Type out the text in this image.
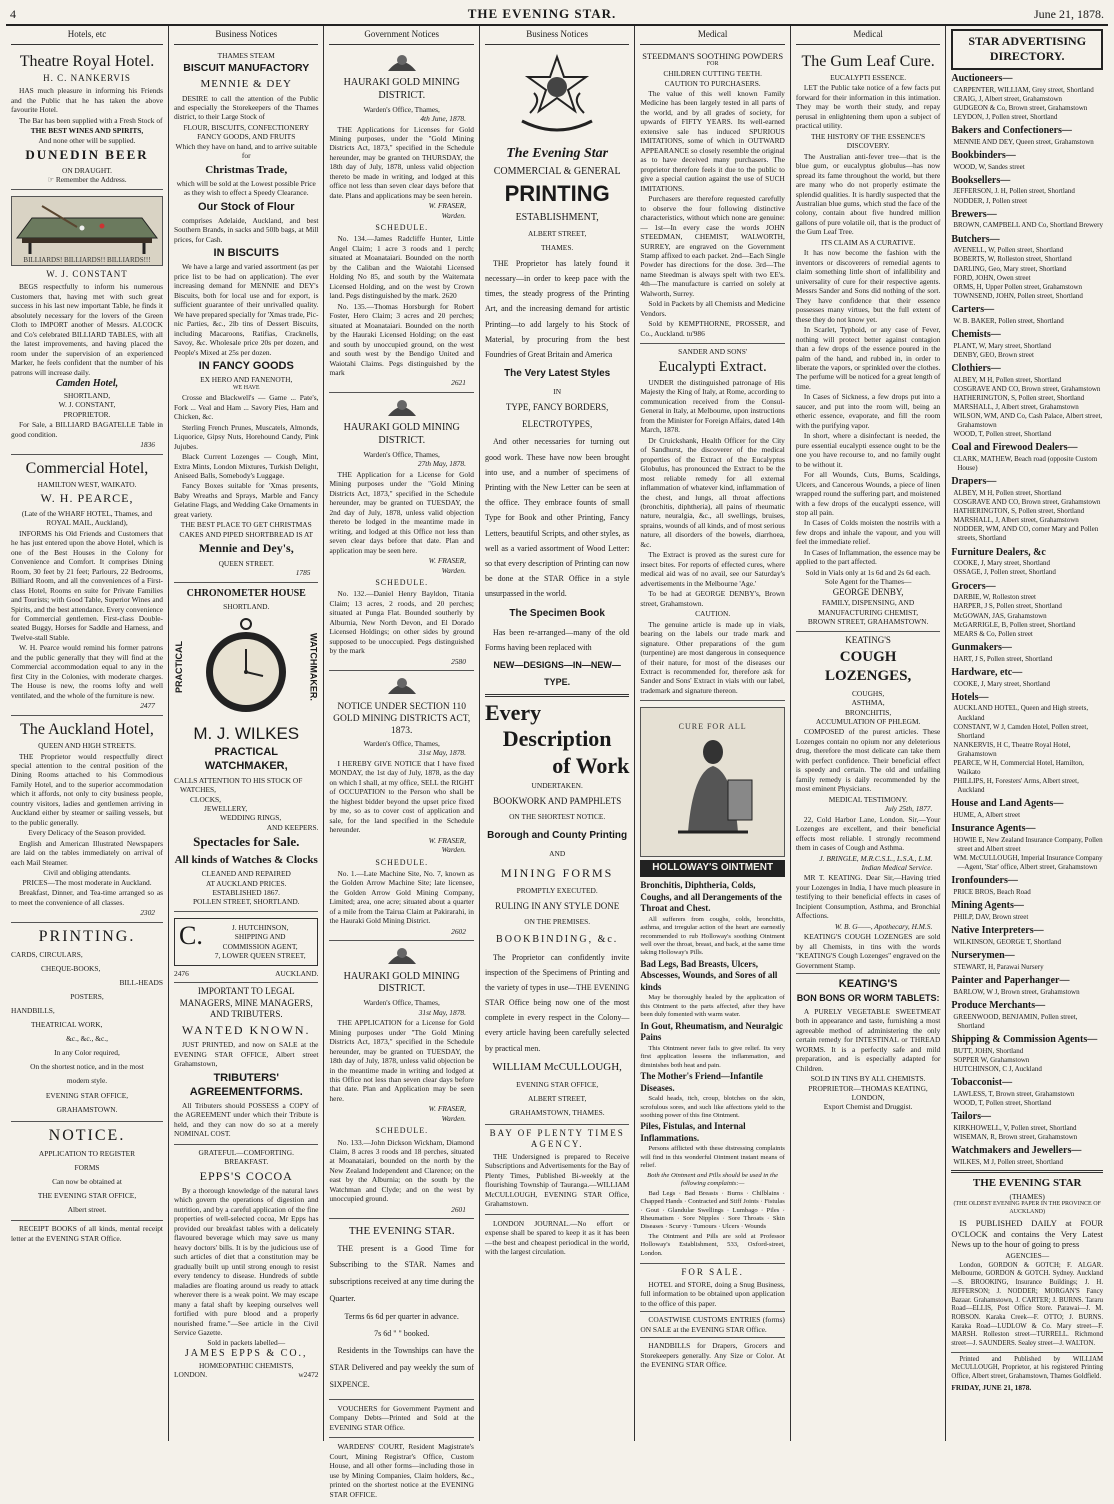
4	THE EVENING STAR.	June 21, 1878.
Hotels, etc
Theatre Royal Hotel.
H. C. NANKERVIS

HAS much pleasure in informing his Friends and the Public that he has taken the above favourite Hotel.

The Bar has been supplied with a Fresh Stock of

THE BEST WINES AND SPIRITS,
And none other will be supplied.
DUNEDIN BEER
ON DRAUGHT.
☞ Remember the Address.
BILLIARDS! BILLIARDS!! BILLIARDS!!!
W. J. CONSTANT

BEGS respectfully to inform his numerous Customers that, having met with such great success in his last new important Table, he finds it absolutely necessary for the lovers of the Green Cloth to IMPORT another of Messrs. ALCOCK and Co's celebrated BILLIARD TABLES, with all the latest improvements, and having placed the room under the supervision of an experienced Marker, he feels confident that the number of his patrons will increase daily.

Camden Hotel,
SHORTLAND,
W. J. CONSTANT,
PROPRIETOR.

For Sale, a BILLIARD BAGATELLE Table in good condition.

1836
Commercial Hotel,
HAMILTON WEST, WAIKATO.
W. H. PEARCE,
(Late of the WHARF HOTEL, Thames, and ROYAL MAIL, Auckland),

INFORMS his Old Friends and Customers that he has just entered upon the above Hotel, which is one of the Best Houses in the Colony for Convenience and Comfort. It comprises Dining Room, 30 feet by 21 feet; Parlours, 22 Bedrooms, Billiard Room, and all the conveniences of a First-class Hotel, Rooms en suite for Private Families and Tourists; with Good Table, Superior Wines and Spirits, and the best attendance. Every convenience for Commercial gentlemen. First-class Double-seated Buggy, Horses for Saddle and Harness, and Twelve-stall Stable.

W. H. Pearce would remind his former patrons and the public generally that they will find at the Commercial accommodation equal to any in the first City in the Colonies, with moderate charges. The House is new, the rooms lofty and well ventilated, and the whole of the furniture is new.

2477
The Auckland Hotel,
QUEEN AND HIGH STREETS.

THE Proprietor would respectfully direct special attention to the central position of the Dining Rooms attached to his Commodious Family Hotel, and to the superior accommodation which it affords, not only to city business people, country visitors, ladies and gentlemen arriving in Auckland either by steamer or sailing vessels, but to the public generally.

Every Delicacy of the Season provided.

English and American Illustrated Newspapers are laid on the tables immediately on arrival of each Mail Steamer.

Civil and obliging attendants.
PRICES—The most moderate in Auckland.

Breakfast, Dinner, and Tea-time arranged so as to meet the convenience of all classes.

2302
PRINTING.
CARDS, CIRCULARS,
CHEQUE-BOOKS,
BILL-HEADS
POSTERS,
HANDBILLS,
THEATRICAL WORK,
&c., &c., &c.,
In any Color required,
On the shortest notice, and in the most
modern style.
EVENING STAR OFFICE,
GRAHAMSTOWN.
NOTICE.
APPLICATION TO REGISTER
FORMS
Can now be obtained at
THE EVENING STAR OFFICE,
Albert street.

RECEIPT BOOKS of all kinds, mental receipt letter at the EVENING STAR Office.

Business Notices
THAMES STEAM
BISCUIT MANUFACTORY
MENNIE & DEY

DESIRE to call the attention of the Public and especially the Storekeepers of the Thames district, to their Large Stock of

FLOUR, BISCUITS, CONFECTIONERY FANCY GOODS, AND FRUITS
Which they have on hand, and to arrive suitable for
Christmas Trade,
which will be sold at the Lowest possible Price as they wish to effect a Speedy Clearance.
Our Stock of Flour

comprises Adelaide, Auckland, and best Southern Brands, in sacks and 50lb bags, at Mill prices, for Cash.

IN BISCUITS

We have a large and varied assortment (as per price list to be had on application). The ever increasing demand for MENNIE and DEY's Biscuits, both for local use and for export, is sufficient guarantee of their unrivalled quality. We have prepared specially for 'Xmas trade, Pic-nic Parties, &c., 2lb tins of Dessert Biscuits, including Macaroons, Ratifias, Cracknells, Savoy, &c. Wholesale price 20s per dozen, and People's Mixed at 25s per dozen.

IN FANCY GOODS
EX HERO AND FANENOTH,
WE HAVE

Crosse and Blackwell's — Game ... Pate's, Fork ... Veal and Ham ... Savory Pies, Ham and Chicken, &c.

Sterling French Prunes, Muscatels, Almonds, Liquorice, Gipsy Nuts, Horehound Candy, Pink Jujubes.

Black Current Lozenges — Cough, Mint, Extra Mints, London Mixtures, Turkish Delight, Aniseed Balls, Somebody's Luggage.

Fancy Boxes suitable for 'Xmas presents, Baby Wreaths and Sprays, Marble and Fancy Gelatine Flags, and Wedding Cake Ornaments in great variety.

THE BEST PLACE TO GET CHRISTMAS CAKES AND PIPED SHORTBREAD IS AT
Mennie and Dey's,
QUEEN STREET.
1785
CHRONOMETER HOUSE
SHORTLAND.
PRACTICAL	WATCHMAKER.
M. J. WILKES
PRACTICAL WATCHMAKER,
CALLS ATTENTION TO HIS STOCK OF
WATCHES,
CLOCKS,
JEWELLERY,
WEDDING RINGS,
AND KEEPERS.
Spectacles for Sale.
All kinds of Watches & Clocks
CLEANED AND REPAIRED
AT AUCKLAND PRICES.
ESTABLISHED 1867.
POLLEN STREET, SHORTLAND.
C.	J. HUTCHINSON,
SHIPPING AND
COMMISSION AGENT,
7, LOWER QUEEN STREET,
2476	AUCKLAND.
IMPORTANT TO LEGAL MANAGERS, MINE MANAGERS, AND TRIBUTERS.
WANTED KNOWN.

JUST PRINTED, and now on SALE at the EVENING STAR OFFICE, Albert street Grahamstown,

TRIBUTERS' AGREEMENTFORMS.

All Tributers should POSSESS a COPY of the AGREEMENT under which their Tribute is held, and they can now do so at a merely NOMINAL COST.

GRATEFUL—COMFORTING.
BREAKFAST.
EPPS'S COCOA

By a thorough knowledge of the natural laws which govern the operations of digestion and nutrition, and by a careful application of the fine properties of well-selected cocoa, Mr Epps has provided our breakfast tables with a delicately flavoured beverage which may save us many heavy doctors' bills. It is by the judicious use of such articles of diet that a constitution may be gradually built up until strong enough to resist every tendency to disease. Hundreds of subtle maladies are floating around us ready to attack wherever there is a weak point. We may escape many a fatal shaft by keeping ourselves well fortified with pure blood and a properly nourished frame."—See article in the Civil Service Gazette.

Sold in packets labelled—
JAMES EPPS & CO.,
HOMŒOPATHIC CHEMISTS,
LONDON.	w2472
Government Notices
HAURAKI GOLD MINING DISTRICT.
Warden's Office, Thames,
4th June, 1878.

THE Applications for Licenses for Gold Mining purposes, under the "Gold Mining Districts Act, 1873," specified in the Schedule hereunder, may be granted on THURSDAY, the 18th day of July, 1878, unless valid objection thereto be made in writing, and lodged at this office not less than seven clear days before that date. Plans and applications may be seen herein.

W. FRASER,
Warden.
SCHEDULE.

No. 134.—James Radcliffe Hunter, Little Angel Claim; 1 acre 3 roods and 1 perch; situated at Moanataiari. Bounded on the north by the Caliban and the Waiotahi Licensed Holding No 85, and south by the Waitemata Licensed Holding, and on the west by Crown land. Pegs distinguished by the mark. 2620

No. 135.—Thomas Horsburgh for Robert Foster, Hero Claim; 3 acres and 20 perches; situated at Moanataiari. Bounded on the north by the Hauraki Licensed Holding; on the east and south by unoccupied ground, on the west and south west by the Bendigo United and Waiotahi Claims. Pegs distinguished by the mark

2621
HAURAKI GOLD MINING DISTRICT.
Warden's Office, Thames,
27th May, 1878.

THE Application for a License for Gold Mining purposes under the "Gold Mining Districts Act, 1873," specified in the Schedule hereunder, may be granted on TUESDAY, the 2nd day of July, 1878, unless valid objection thereto be lodged in the meantime made in writing, and lodged at this Office not less than seven clear days before that date. Plan and application may be seen here.

W. FRASER,
Warden.
SCHEDULE.

No. 132.—Daniel Henry Bayldon, Titania Claim; 13 acres, 2 roods, and 20 perches; situated at Punga Flat. Bounded southerly by Alburnia, New North Devon, and El Dorado Licensed Holdings; on other sides by ground supposed to be unoccupied. Pegs distinguished by the mark

2580
NOTICE UNDER SECTION 110 GOLD MINING DISTRICTS ACT, 1873.
Warden's Office, Thames,
31st May, 1878.

I HEREBY GIVE NOTICE that I have fixed MONDAY, the 1st day of July, 1878, as the day on which I shall, at my office, SELL the RIGHT of OCCUPATION to the Person who shall be the highest bidder beyond the upset price fixed by me, so as to cover cost of application and sale, for the land specified in the Schedule hereunder.

W. FRASER,
Warden.
SCHEDULE.

No. 1.—Late Machine Site, No. 7, known as the Golden Arrow Machine Site; late licensee, the Golden Arrow Gold Mining Company, Limited; area, one acre; situated about a quarter of a mile from the Tairua Claim at Pakirarahi, in the Hauraki Gold Mining District.

2602
HAURAKI GOLD MINING DISTRICT.
Warden's Office, Thames,
31st May, 1878.

THE APPLICATION for a License for Gold Mining purposes under "The Gold Mining Districts Act, 1873," specified in the Schedule hereunder, may be granted on TUESDAY, the 18th day of July, 1878, unless valid objection be in the meantime made in writing and lodged at this Office not less than seven clear days before that date. Plan and Application may be seen here.

W. FRASER,
Warden.
SCHEDULE.

No. 133.—John Dickson Wickham, Diamond Claim, 8 acres 3 roods and 18 perches, situated at Moanataiari, bounded on the north by the New Zealand Independent and Clarence; on the east by the Alburnia; on the south by the Watchman and Clyde; and on the west by unoccupied ground.

2601
THE EVENING STAR.

THE present is a Good Time for Subscribing to the STAR. Names and subscriptions received at any time during the Quarter.

Terms 6s 6d per quarter in advance.
7s 6d " " booked.

Residents in the Townships can have the STAR Delivered and pay weekly the sum of SIXPENCE.

VOUCHERS for Government Payment and Company Debts—Printed and Sold at the EVENING STAR Office.

WARDENS' COURT, Resident Magistrate's Court, Mining Registrar's Office, Custom House, and all other forms—including those in use by Mining Companies, Claim holders, &c., printed on the shortest notice at the EVENING STAR OFFICE.

Business Notices
The Evening Star
COMMERCIAL & GENERAL
PRINTING
ESTABLISHMENT,
ALBERT STREET,
THAMES.

THE Proprietor has lately found it necessary—in order to keep pace with the times, the steady progress of the Printing Art, and the increasing demand for artistic Printing—to add largely to his Stock of Material, by procuring from the best Foundries of Great Britain and America

The Very Latest Styles
IN
TYPE, FANCY BORDERS,
ELECTROTYPES,

And other necessaries for turning out good work. These have now been brought into use, and a number of specimens of Printing with the New Letter can be seen at the office. They embrace founts of small Type for Book and other Printing, Fancy Letters, beautiful Scripts, and other styles, as well as a varied assortment of Wood Letter: so that every description of Printing can now be done at the STAR Office in a style unsurpassed in the world.

The Specimen Book

Has been re-arranged—many of the old Forms having been replaced with

NEW—DESIGNS—IN—NEW—TYPE.
Every
Description
of Work
UNDERTAKEN.
BOOKWORK AND PAMPHLETS
ON THE SHORTEST NOTICE.
Borough and County Printing
AND
MINING FORMS
PROMPTLY EXECUTED.
RULING IN ANY STYLE DONE
ON THE PREMISES.
BOOKBINDING, &c.

The Proprietor can confidently invite inspection of the Specimens of Printing and the variety of types in use—THE EVENING STAR Office being now one of the most complete in every respect in the Colony—every article having been carefully selected by practical men.

WILLIAM McCULLOUGH,
EVENING STAR OFFICE,
ALBERT STREET,
GRAHAMSTOWN, THAMES.
BAY OF PLENTY TIMES AGENCY.

THE Undersigned is prepared to Receive Subscriptions and Advertisements for the Bay of Plenty Times, Published Bi-weekly at the flourishing Township of Tauranga.—WILLIAM McCULLOUGH, EVENING STAR Office, Grahamstown.

LONDON JOURNAL.—No effort or expense shall be spared to keep it as it has been—the best and cheapest periodical in the world, with the largest circulation.

Medical
STEEDMAN'S SOOTHING POWDERS
FOR
CHILDREN CUTTING TEETH.
CAUTION TO PURCHASERS.

The value of this well known Family Medicine has been largely tested in all parts of the world, and by all grades of society, for upwards of FIFTY YEARS. Its well-earned extensive sale has induced SPURIOUS IMITATIONS, some of which in OUTWARD APPEARANCE so closely resemble the original as to have deceived many purchasers. The proprietor therefore feels it due to the public to give a special caution against the use of SUCH IMITATIONS.

Purchasers are therefore requested carefully to observe the four following distinctive characteristics, without which none are genuine:— 1st—In every case the words JOHN STEEDMAN, CHEMIST, WALWORTH, SURREY, are engraved on the Government Stamp affixed to each packet. 2nd—Each Single Powder has directions for the dose. 3rd—The name Steedman is always spelt with two EE's. 4th—The manufacture is carried on solely at Walworth, Surrey.

Sold in Packets by all Chemists and Medicine Vendors.

Sold by KEMPTHORNE, PROSSER, and Co., Auckland. tu'986

SANDER AND SONS'
Eucalypti Extract.

UNDER the distinguished patronage of His Majesty the King of Italy, at Rome, according to communication received from the Consul-General in Italy, at Melbourne, upon instructions from the Minister for Foreign Affairs, dated 14th March, 1878.

Dr Cruickshank, Health Officer for the City of Sandhurst, the discoverer of the medical properties of the Extract of the Eucalyptus Globulus, has pronounced the Extract to be the most reliable remedy for all external inflammation of whatever kind, inflammation of the chest, and lungs, all throat affections (bronchitis, diphtheria), all pains of rheumatic nature, neuralgia, &c., all swellings, bruises, sprains, wounds of all kinds, and of most serious nature, all disorders of the bowels, diarrhoea, &c.

The Extract is proved as the surest cure for insect bites. For reports of effected cures, where medical aid was of no avail, see our Saturday's advertisements in the Melbourne 'Age.'

To be had at GEORGE DENBY's, Brown street, Grahamstown.

CAUTION.

The genuine article is made up in vials, bearing on the labels our trade mark and signature. Other preparations of the gum (turpentine) are most dangerous in consequence of their nature, for most of the diseases our Extract is recommended for, therefore ask for Sander and Sons' Extract in vials with our label, trademark and signature thereon.

CURE FOR ALL
HOLLOWAY'S OINTMENT
Bronchitis, Diphtheria, Colds, Coughs, and all Derangements of the Throat and Chest.

All sufferers from coughs, colds, bronchitis, asthma, and irregular action of the heart are earnestly recommended to rub Holloway's soothing Ointment well over the throat, breast, and back, at the same time taking Holloway's Pills.

Bad Legs, Bad Breasts, Ulcers, Abscesses, Wounds, and Sores of all kinds

May be thoroughly healed by the application of this Ointment to the parts affected, after they have been duly fomented with warm water.

In Gout, Rheumatism, and Neuralgic Pains

This Ointment never fails to give relief. Its very first application lessens the inflammation, and diminishes both heat and pain.

The Mother's Friend—Infantile Diseases.

Scald heads, itch, croup, blotches on the skin, scrofulous sores, and such like affections yield to the soothing power of this fine Ointment.

Piles, Fistulas, and Internal Inflammations.

Persons afflicted with these distressing complaints will find in this wonderful Ointment instant means of relief.

Both the Ointment and Pills should be used in the following complaints:—

Bad Legs · Bad Breasts · Burns · Chilblains · Chapped Hands · Contracted and Stiff Joints · Fistulas · Gout · Glandular Swellings · Lumbago · Piles · Rheumatism · Sore Nipples · Sore Throats · Skin Diseases · Scurvy · Tumours · Ulcers · Wounds

The Ointment and Pills are sold at Professor Holloway's Establishment, 533, Oxford-street, London.

FOR SALE.

HOTEL and STORE, doing a Snug Business, full information to be obtained upon application to the office of this paper.

COASTWISE CUSTOMS ENTRIES (forms) ON SALE at the EVENING STAR Office.

HANDBILLS for Drapers, Grocers and Storekeepers generally. Any Size or Color. At the EVENING STAR Office.

Medical
The Gum Leaf Cure.
EUCALYPTI ESSENCE.

LET the Public take notice of a few facts put forward for their information in this intimation. They may be worth their study, and repay perusal in enlightening them upon a subject of practical utility.

THE HISTORY OF THE ESSENCE'S DISCOVERY.

The Australian anti-fever tree—that is the blue gum, or eucalyptus globulus—has now spread its fame throughout the world, but there are many who do not properly estimate the splendid qualities. It is hardly suspected that the Australian blue gums, which stud the face of the colony, contain about five hundred million gallons of pure volatile oil, that is the product of the Gum Leaf Tree.

ITS CLAIM AS A CURATIVE.

It has now become the fashion with the inventors or discoverers of remedial agents to claim something little short of infallibility and universality of cure for their respective agents. Messrs Sander and Sons did nothing of the sort. They have confidence that their essence possesses many virtues, but the full extent of these they do not know yet.

In Scarlet, Typhoid, or any case of Fever, nothing will protect better against contagion than a few drops of the essence poured in the palm of the hand, and rubbed in, in order to liberate the vapors, or sprinkled over the clothes. The perfume will be noticed for a great length of time.

In Cases of Sickness, a few drops put into a saucer, and put into the room will, being an etheric essence, evaporate, and fill the room with the purifying vapor.

In short, where a disinfectant is needed, the pure essential eucalypti essence ought to be the one you have recourse to, and no family ought to be without it.

For all Wounds, Cuts, Burns, Scaldings, Ulcers, and Cancerous Wounds, a piece of linen wrapped round the suffering part, and moistened with a few drops of the eucalypti essence, will stop all pain.

In Cases of Colds moisten the nostrils with a few drops and inhale the vapour, and you will feel the immediate relief.

In Cases of Inflammation, the essence may be applied to the part affected.

Sold in Vials only at 1s 6d and 2s 6d each.
Sole Agent for the Thames—
GEORGE DENBY,
FAMILY, DISPENSING, AND MANUFACTURING CHEMIST,
BROWN STREET, GRAHAMSTOWN.
KEATING'S
COUGH LOZENGES,
COUGHS,
ASTHMA,
BRONCHITIS,
ACCUMULATION OF PHLEGM.

COMPOSED of the purest articles. These Lozenges contain no opium nor any deleterious drug, therefore the most delicate can take them with perfect confidence. Their beneficial effect is speedy and certain. The old and unfailing family remedy is daily recommended by the most eminent Physicians.

MEDICAL TESTIMONY.
July 25th, 1877.

22, Cold Harbor Lane, London. Sir,—Your Lozenges are excellent, and their beneficial effects most reliable. I strongly recommend them in cases of Cough and Asthma.

J. BRINGLE, M.R.C.S.L., L.S.A., L.M.
Indian Medical Service.

MR T. KEATING. Dear Sir,—Having tried your Lozenges in India, I have much pleasure in testifying to their beneficial effects in cases of Incipient Consumption, Asthma, and Bronchial Affections.

W. B. G——, Apothecary, H.M.S.

KEATING'S COUGH LOZENGES are sold by all Chemists, in tins with the words "KEATING'S Cough Lozenges" engraved on the Government Stamp.

KEATING'S
BON BONS OR WORM TABLETS:

A PURELY VEGETABLE SWEETMEAT both in appearance and taste, furnishing a most agreeable method of administering the only certain remedy for INTESTINAL or THREAD WORMS. It is a perfectly safe and mild preparation, and is especially adapted for Children.

SOLD IN TINS BY ALL CHEMISTS.
PROPRIETOR—THOMAS KEATING, LONDON,
Export Chemist and Druggist.
STAR ADVERTISING DIRECTORY.
Auctioneers—
CARPENTER, WILLIAM, Grey street, Shortland
CRAIG, J, Albert street, Grahamstown
GUDGEON & Co, Brown street, Grahamstown
LEYDON, J, Pollen street, Shortland
Bakers and Confectioners—
MENNIE AND DEY, Queen street, Grahamstown
Bookbinders—
WOOD, W, Sandes street
Booksellers—
JEFFERSON, J. H, Pollen street, Shortland
NODDER, J, Pollen street
Brewers—
BROWN, CAMPBELL AND Co, Shortland Brewery
Butchers—
AVENELL, W, Pollen street, Shortland
BOBERTS, W, Rolleston street, Shortland
DARLING, Geo, Mary street, Shortland
FORD, JOHN, Owen street
ORMS, H, Upper Pollen street, Grahamstown
TOWNSEND, JOHN, Pollen street, Shortland
Carters—
W. B. BAKER, Pollen street, Shortland
Chemists—
PLANT, W, Mary street, Shortland
DENBY, GEO, Brown street
Clothiers—
ALBEY, M H, Pollen street, Shortland
COSGRAVE AND CO, Brown street, Grahamstown
HATHERINGTON, S, Pollen street, Shortland
MARSHALL, J, Albert street, Grahamstown
WILSON, WM, AND Co, Cash Palace, Albert street, Grahamstown
WOOD, T, Pollen street, Shortland
Coal and Firewood Dealers—
CLARK, MATHEW, Beach road (opposite Custom House)
Drapers—
ALBEY, M H, Pollen street, Shortland
COSGRAVE AND CO, Brown street, Grahamstown
HATHERINGTON, S, Pollen street, Shortland
MARSHALL, J, Albert street, Grahamstown
NODDER, WM, AND CO, corner Mary and Pollen streets, Shortland
Furniture Dealers, &c
COOKE, J, Mary street, Shortland
OSSAGE, J, Pollen street, Shortland
Grocers—
DARBIE, W, Rolleston street
HARPER, J S, Pollen street, Shortland
McGOWAN, JAS, Grahamstown
McGARRIGLE, B, Pollen street, Shortland
MEARS & Co, Pollen street
Gunmakers—
HART, J S, Pollen street, Shortland
Hardware, etc—
COOKE, J, Mary street, Shortland
Hotels—
AUCKLAND HOTEL, Queen and High streets, Auckland
CONSTANT, W J, Camden Hotel, Pollen street, Shortland
NANKERVIS, H C, Theatre Royal Hotel, Grahamstown
PEARCE, W H, Commercial Hotel, Hamilton, Waikato
PHILLIPS, H, Foresters' Arms, Albert street, Auckland
House and Land Agents—
HUME, A, Albert street
Insurance Agents—
HOWIE E, New Zealand Insurance Company, Pollen street and Albert street
WM. McCULLOUGH, Imperial Insurance Company—Agent, 'Star' office, Albert street, Grahamstown
Ironfounders—
PRICE BROS, Beach Road
Mining Agents—
PHILP, DAV, Brown street
Native Interpreters—
WILKINSON, GEORGE T, Shortland
Nurserymen—
STEWART, H, Parawai Nursery
Painter and Paperhanger—
BARLOW, W J, Brown street, Grahamstown
Produce Merchants—
GREENWOOD, BENJAMIN, Pollen street, Shortland
Shipping & Commission Agents—
BUTT, JOHN, Shortland
SOPPER W, Grahamstown
HUTCHINSON, C J, Auckland
Tobacconist—
LAWLESS, T, Brown street, Grahamstown
WOOD, T, Pollen street, Shortland
Tailors—
KIRKHOWELL, V, Pollen street, Shortland
WISEMAN, R, Brown street, Grahamstown
Watchmakers and Jewellers—
WILKES, M J, Pollen street, Shortland
THE EVENING STAR
(THAMES)
(THE OLDEST EVENING PAPER IN THE PROVINCE OF AUCKLAND)

IS PUBLISHED DAILY at FOUR O'CLOCK and contains the Very Latest News up to the hour of going to press

AGENCIES—

London, GORDON & GOTCH; F. ALGAR. Melbourne, GORDON & GOTCH. Sydney. Auckland—S. BROOKING, Insurance Buildings; J. H. JEFFERSON; J. NODDER; MORGAN'S Fancy Bazaar. Grahamstown, J. CARTER; J. BURNS. Tararu Road—ELLIS, Post Office Store. Parawai—J. M. ROBSON. Karaka Creek—F. OTTO; J. BURNS. Karaka Road—LUDLOW & Co. Mary street—F. MARSH. Rolleston street—TURRELL. Richmond street—J. SAUNDERS. Sealey street—J. WALTON.

Printed and Published by WILLIAM McCULLOUGH, Proprietor, at his registered Printing Office, Albert street, Grahamstown, Thames Goldfield.

FRIDAY, JUNE 21, 1878.
